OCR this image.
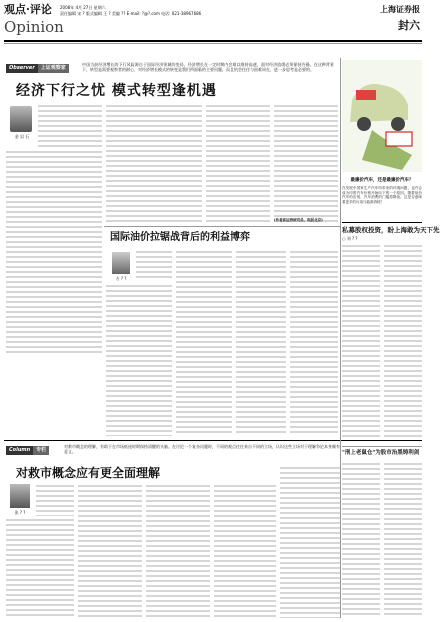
观点·评论 2008年 4月 27日 星期六
责任编辑 宋 ? 版式编辑 王 ? 美编 ?? E-mail: ?@?.com 电话: 021-38967686
Opinion
上海证券报
封六
Observer	上证观察家
中国当前经济增长的下行风险源自于国际经济领域的变局，经济增长在一定时期内会难以维持高速，面对经济放缓必须保持冷静。在这种背景下，转型是需要观察者的耐心，对经济增长模式的转变是我们所面临的主要问题，而且机会往往与困难同在，进一步思考是必要的。
经济下行之忧 模式转型逢机遇
金 岩 石
(作者系证券研究员，现居北京)
最廉价汽车，还是最廉价汽车？
在发展中国家生产汽车所带来的环境问题，也许会成为印度汽车价格开始向下的一个原因。随着低价汽车的出现，汽车消费的门槛将降低，这是否意味着更多的污染与能源消耗？
国际油价拉锯战背后的利益博弈
方 ? ?
私募股权投资，盼上海敢为天下先
○ 刘 ? ?
Column	专栏
对救市概念的理解，有助于在市场低迷时期保持清醒的头脑。在讨论一个复杂问题时，不同的观点往往来自不同的立场，认识这些立场对于理解争论本身颇有意义。
对救市概念应有更全面理解
张 ? ?
"刑上老鼠仓"为股市治黑铸利剑
